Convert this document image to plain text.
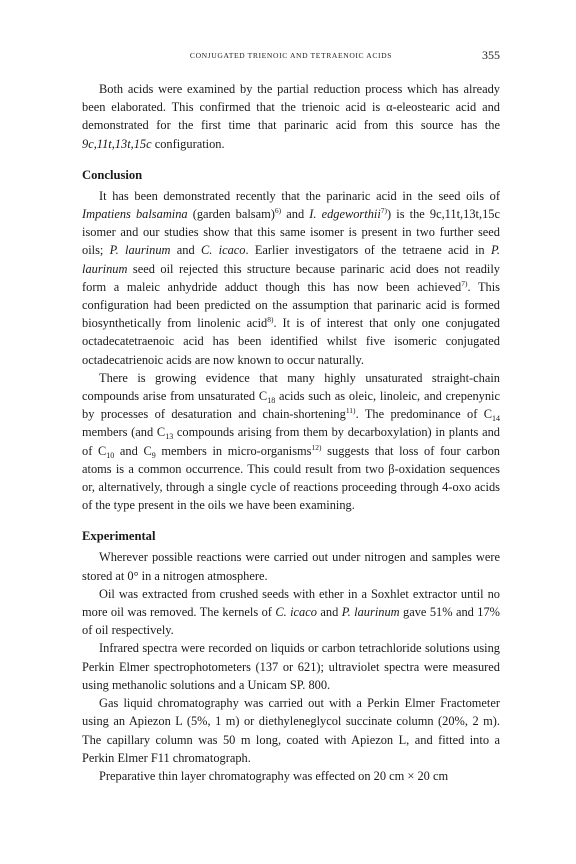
CONJUGATED TRIENOIC AND TETRAENOIC ACIDS	355

Both acids were examined by the partial reduction process which has already been elaborated. This confirmed that the trienoic acid is α-eleostearic acid and demonstrated for the first time that parinaric acid from this source has the 9c,11t,13t,15c configuration.

Conclusion

It has been demonstrated recently that the parinaric acid in the seed oils of Impatiens balsamina (garden balsam)$^{6)}$ and I. edgeworthii$^{7)}$) is the 9c,11t,13t,15c isomer and our studies show that this same isomer is present in two further seed oils; P. laurinum and C. icaco. Earlier investigators of the tetraene acid in P. laurinum seed oil rejected this structure because parinaric acid does not readily form a maleic anhydride adduct though this has now been achieved$^{7)}$. This configuration had been predicted on the assumption that parinaric acid is formed biosynthetically from linolenic acid$^{8)}$. It is of interest that only one conjugated octadecatetraenoic acid has been identified whilst five isomeric conjugated octadecatrienoic acids are now known to occur naturally.

There is growing evidence that many highly unsaturated straight-chain compounds arise from unsaturated $C_{18}$ acids such as oleic, linoleic, and crepenynic by processes of desaturation and chain-shortening$^{11)}$. The predominance of $C_{14}$ members (and $C_{13}$ compounds arising from them by decarboxylation) in plants and of $C_{10}$ and $C_9$ members in micro-organisms$^{12)}$ suggests that loss of four carbon atoms is a common occurrence. This could result from two β-oxidation sequences or, alternatively, through a single cycle of reactions proceeding through 4-oxo acids of the type present in the oils we have been examining.

Experimental

Wherever possible reactions were carried out under nitrogen and samples were stored at 0° in a nitrogen atmosphere.

Oil was extracted from crushed seeds with ether in a Soxhlet extractor until no more oil was removed. The kernels of C. icaco and P. laurinum gave 51% and 17% of oil respectively.

Infrared spectra were recorded on liquids or carbon tetrachloride solutions using Perkin Elmer spectrophotometers (137 or 621); ultraviolet spectra were measured using methanolic solutions and a Unicam SP. 800.

Gas liquid chromatography was carried out with a Perkin Elmer Fractometer using an Apiezon L (5%, 1 m) or diethyleneglycol succinate column (20%, 2 m). The capillary column was 50 m long, coated with Apiezon L, and fitted into a Perkin Elmer F11 chromatograph.

Preparative thin layer chromatography was effected on 20 cm × 20 cm
